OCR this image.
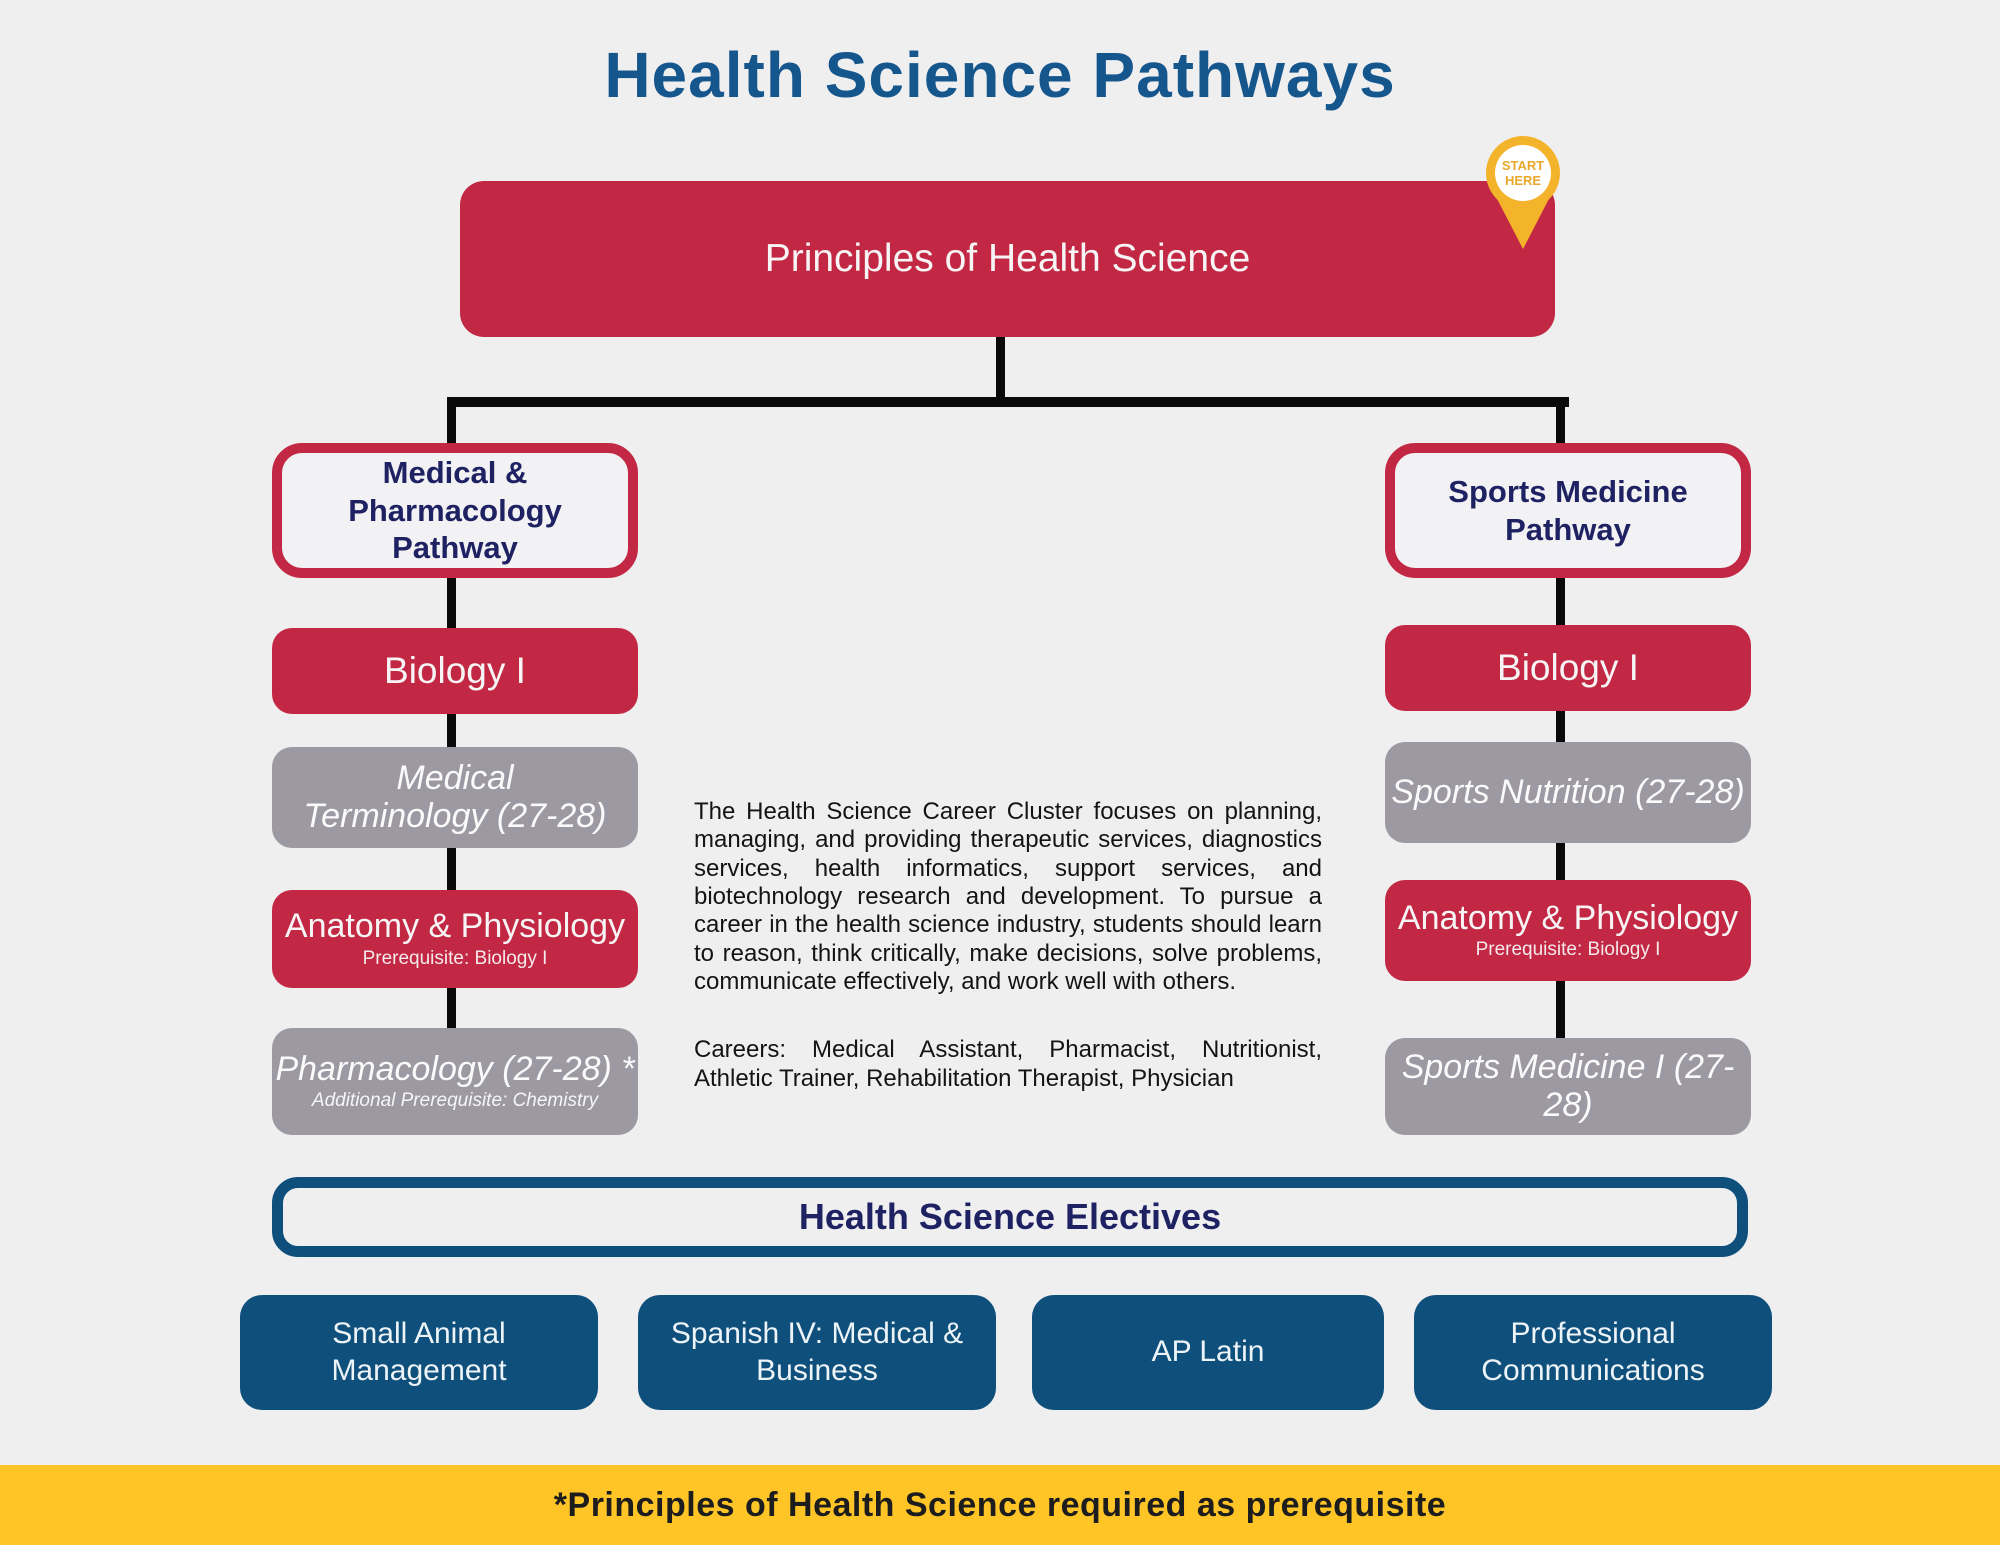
Health Science Pathways
Principles of Health Science
START
HERE
Medical & Pharmacology Pathway
Biology I
Medical Terminology (27-28)
Anatomy & Physiology
Prerequisite: Biology I
Pharmacology (27-28) *
Additional Prerequisite: Chemistry
Sports Medicine Pathway
Biology I
Sports Nutrition (27-28)
Anatomy & Physiology
Prerequisite: Biology I
Sports Medicine I (27-28)

The Health Science Career Cluster focuses on planning, managing, and providing therapeutic services, diagnostics services, health informatics, support services, and biotechnology research and development. To pursue a career in the health science industry, students should learn to reason, think critically, make decisions, solve problems, communicate effectively, and work well with others.

Careers: Medical Assistant, Pharmacist, Nutritionist, Athletic Trainer, Rehabilitation Therapist, Physician

Health Science Electives
Small Animal Management
Spanish IV: Medical & Business
AP Latin
Professional Communications
*Principles of Health Science required as prerequisite
